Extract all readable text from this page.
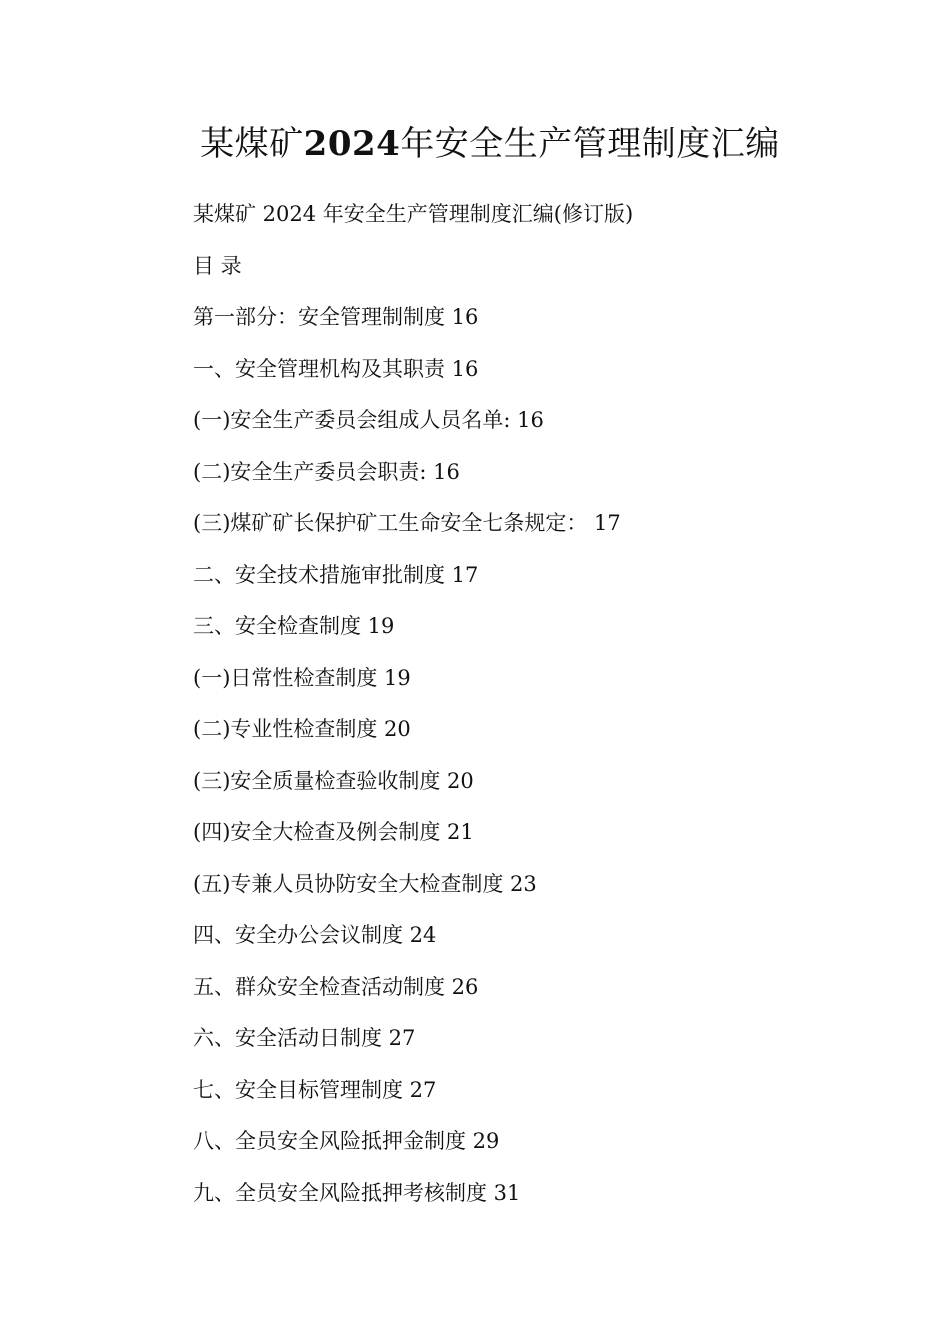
某煤矿2024年安全生产管理制度汇编
某煤矿 2024 年安全生产管理制度汇编(修订版)
目 录
第一部分：安全管理制制度 16
一、安全管理机构及其职责 16
(一)安全生产委员会组成人员名单: 16
(二)安全生产委员会职责: 16
(三)煤矿矿长保护矿工生命安全七条规定： 17
二、安全技术措施审批制度 17
三、安全检查制度 19
(一)日常性检查制度 19
(二)专业性检查制度 20
(三)安全质量检查验收制度 20
(四)安全大检查及例会制度 21
(五)专兼人员协防安全大检查制度 23
四、安全办公会议制度 24
五、群众安全检查活动制度 26
六、安全活动日制度 27
七、安全目标管理制度 27
八、全员安全风险抵押金制度 29
九、全员安全风险抵押考核制度 31
